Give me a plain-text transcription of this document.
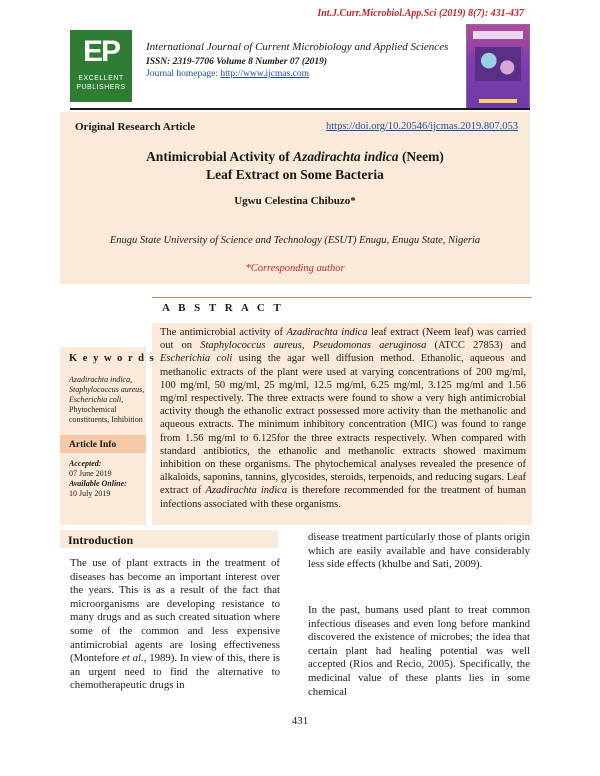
Int.J.Curr.Microbiol.App.Sci (2019) 8(7): 431-437
EP
EXCELLENT PUBLISHERS
International Journal of Current Microbiology and Applied Sciences
ISSN: 2319-7706 Volume 8 Number 07 (2019)
Journal homepage: http://www.ijcmas.com
Original Research Article	https://doi.org/10.20546/ijcmas.2019.807.053
Antimicrobial Activity of Azadirachta indica (Neem)
Leaf Extract on Some Bacteria
Ugwu Celestina Chibuzo*
Enugu State University of Science and Technology (ESUT) Enugu, Enugu State, Nigeria
*Corresponding author
A B S T R A C T
The antimicrobial activity of Azadirachta indica leaf extract (Neem leaf) was carried out on Staphylococcus aureus, Pseudomonas aeruginosa (ATCC 27853) and Escherichia coli using the agar well diffusion method. Ethanolic, aqueous and methanolic extracts of the plant were used at varying concentrations of 200 mg/ml, 100 mg/ml, 50 mg/ml, 25 mg/ml, 12.5 mg/ml, 6.25 mg/ml, 3.125 mg/ml and 1.56 mg/ml respectively. The three extracts were found to show a very high antimicrobial activity though the ethanolic extract possessed more activity than the methanolic and aqueous extracts. The minimum inhibitory concentration (MIC) was found to range from 1.56 mg/ml to 6.125for the three extracts respectively. When compared with standard antibiotics, the ethanolic and methanolic extracts showed maximum inhibition on these organisms. The phytochemical analyses revealed the presence of alkaloids, saponins, tannins, glycosides, steroids, terpenoids, and reducing sugars. Leaf extract of Azadirachta indica is therefore recommended for the treatment of human infections associated with these organisms.
K e y w o r d s
Azadirachta indica, Staphylococcus aureus, Escherichia coli, Phytochemical constituents, Inhibition
Article Info
Accepted:
07 June 2019
Available Online:
10 July 2019
Introduction
The use of plant extracts in the treatment of diseases has become an important interest over the years. This is as a result of the fact that microorganisms are developing resistance to many drugs and as such created situation where some of the common and less expensive antimicrobial agents are losing effectiveness (Montefore et al., 1989). In view of this, there is an urgent need to find the alternative to chemotherapeutic drugs in
disease treatment particularly those of plants origin which are easily available and have considerably less side effects (khulbe and Sati, 2009).
In the past, humans used plant to treat common infectious diseases and even long before mankind discovered the existence of microbes; the idea that certain plant had healing potential was well accepted (Rios and Recio, 2005). Specifically, the medicinal value of these plants lies in some chemical
431
